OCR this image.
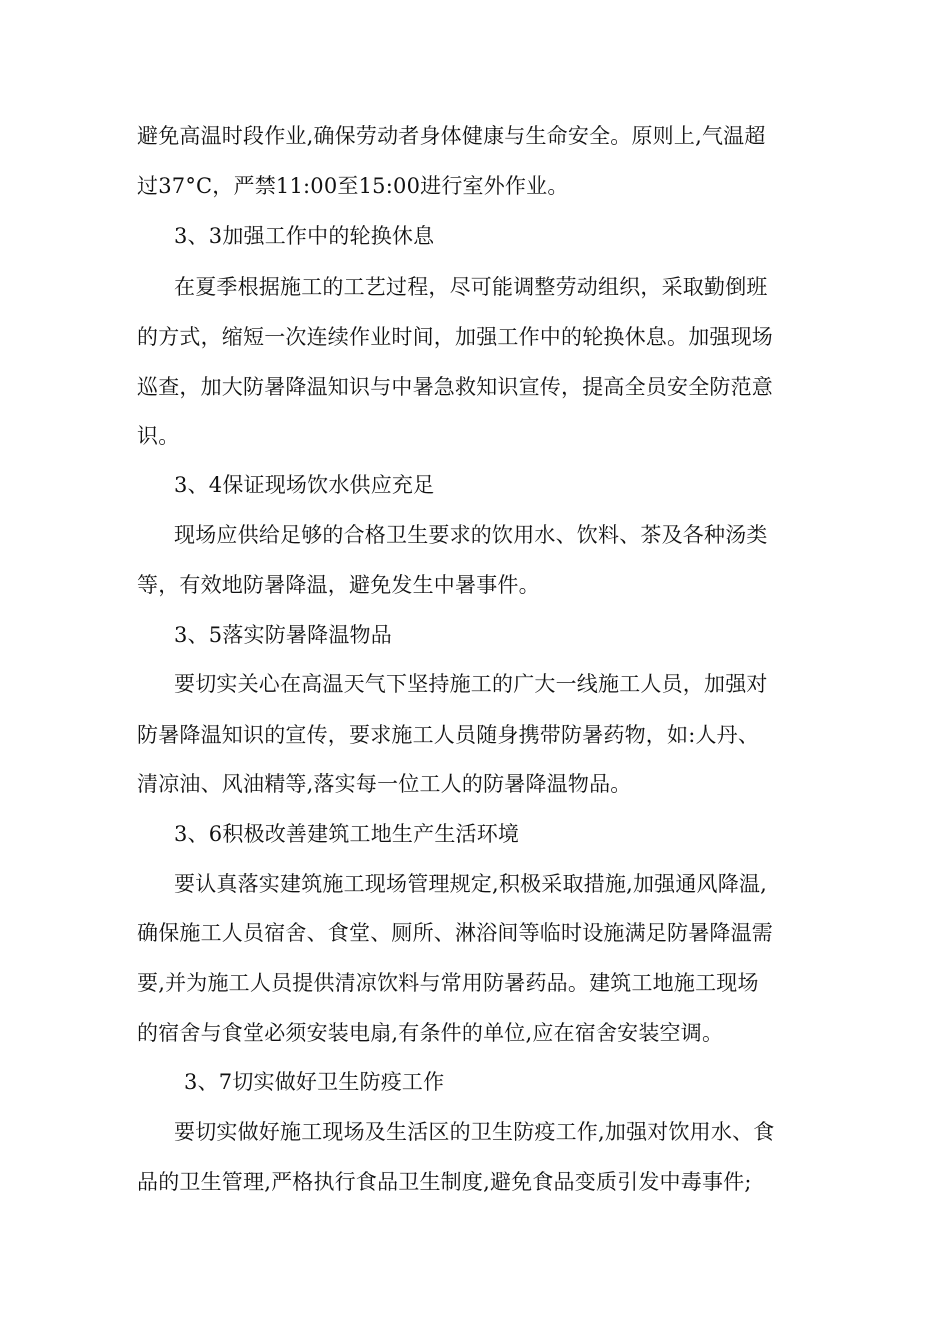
避免高温时段作业,确保劳动者身体健康与生命安全。原则上,气温超
过37°C，严禁11:00至15:00进行室外作业。
3、3加强工作中的轮换休息
在夏季根据施工的工艺过程，尽可能调整劳动组织，采取勤倒班
的方式，缩短一次连续作业时间，加强工作中的轮换休息。加强现场
巡查，加大防暑降温知识与中暑急救知识宣传，提高全员安全防范意
识。
3、4保证现场饮水供应充足
现场应供给足够的合格卫生要求的饮用水、饮料、茶及各种汤类
等，有效地防暑降温，避免发生中暑事件。
3、5落实防暑降温物品
要切实关心在高温天气下坚持施工的广大一线施工人员，加强对
防暑降温知识的宣传，要求施工人员随身携带防暑药物，如:人丹、
清凉油、风油精等,落实每一位工人的防暑降温物品。
3、6积极改善建筑工地生产生活环境
要认真落实建筑施工现场管理规定,积极采取措施,加强通风降温,
确保施工人员宿舍、食堂、厕所、淋浴间等临时设施满足防暑降温需
要,并为施工人员提供清凉饮料与常用防暑药品。建筑工地施工现场
的宿舍与食堂必须安装电扇,有条件的单位,应在宿舍安装空调。
3、7切实做好卫生防疫工作
要切实做好施工现场及生活区的卫生防疫工作,加强对饮用水、食
品的卫生管理,严格执行食品卫生制度,避免食品变质引发中毒事件;
